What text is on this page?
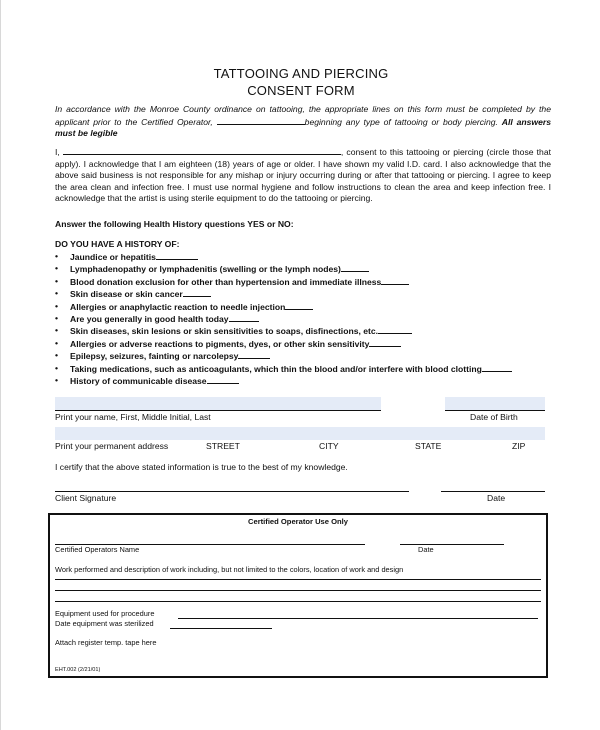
TATTOOING AND PIERCING
CONSENT FORM
In accordance with the Monroe County ordinance on tattooing, the appropriate lines on this form must be completed by the applicant prior to the Certified Operator,	beginning any type of tattooing or body piercing. All answers must be legible
I,	, consent to this tattooing or piercing (circle those that apply). I acknowledge that I am eighteen (18) years of age or older. I have shown my valid I.D. card. I also acknowledge that the above said business is not responsible for any mishap or injury occurring during or after that tattooing or piercing. I agree to keep the area clean and infection free. I must use normal hygiene and follow instructions to clean the area and keep infection free. I acknowledge that the artist is using sterile equipment to do the tattooing or piercing.
Answer the following Health History questions YES or NO:
DO YOU HAVE A HISTORY OF:
• Jaundice or hepatitis
• Lymphadenopathy or lymphadenitis (swelling or the lymph nodes)
• Blood donation exclusion for other than hypertension and immediate illness
• Skin disease or skin cancer
• Allergies or anaphylactic reaction to needle injection
• Are you generally in good health today
• Skin diseases, skin lesions or skin sensitivities to soaps, disfinections, etc.
• Allergies or adverse reactions to pigments, dyes, or other skin sensitivity
• Epilepsy, seizures, fainting or narcolepsy
• Taking medications, such as anticoagulants, which thin the blood and/or interfere with blood clotting
• History of communicable disease
Print your name, First, Middle Initial, Last	Date of Birth
Print your permanent address	STREET	CITY	STATE	ZIP
I certify that the above stated information is true to the best of my knowledge.
Client Signature	Date
Certified Operator Use Only
Certified Operators Name	Date
Work performed and description of work including, but not limited to the colors, location of work and design
Equipment used for procedure
Date equipment was sterilized
Attach register temp. tape here
EHT.002 (2/21/01)
